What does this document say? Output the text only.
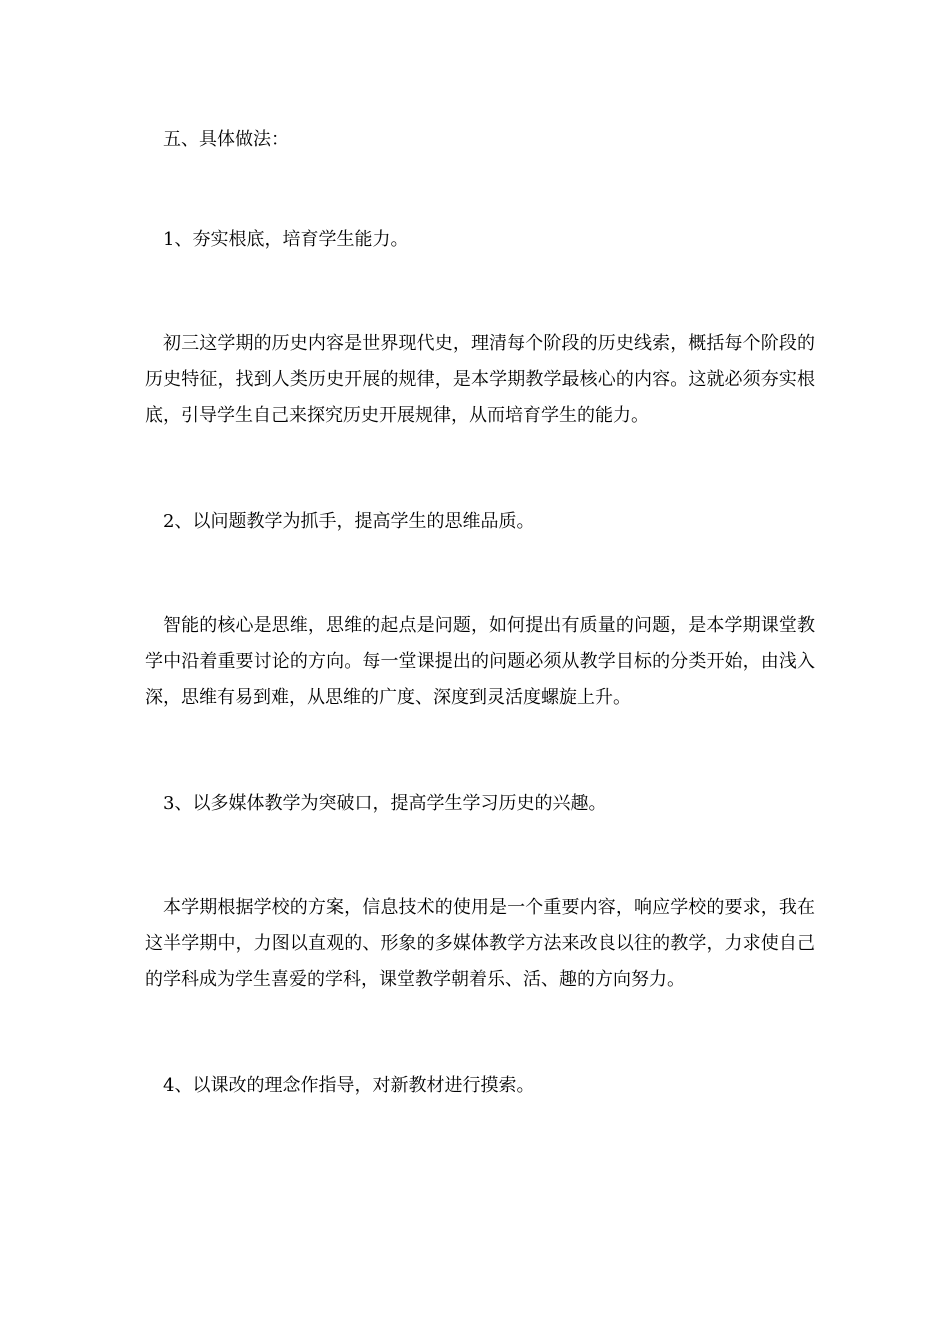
五、具体做法：

1、夯实根底，培育学生能力。

初三这学期的历史内容是世界现代史，理清每个阶段的历史线索，概括每个阶段的历史特征，找到人类历史开展的规律，是本学期教学最核心的内容。这就必须夯实根底，引导学生自己来探究历史开展规律，从而培育学生的能力。

2、以问题教学为抓手，提高学生的思维品质。

智能的核心是思维，思维的起点是问题，如何提出有质量的问题，是本学期课堂教学中沿着重要讨论的方向。每一堂课提出的问题必须从教学目标的分类开始，由浅入深，思维有易到难，从思维的广度、深度到灵活度螺旋上升。

3、以多媒体教学为突破口，提高学生学习历史的兴趣。

本学期根据学校的方案，信息技术的使用是一个重要内容，响应学校的要求，我在这半学期中，力图以直观的、形象的多媒体教学方法来改良以往的教学，力求使自己的学科成为学生喜爱的学科，课堂教学朝着乐、活、趣的方向努力。

4、以课改的理念作指导，对新教材进行摸索。
